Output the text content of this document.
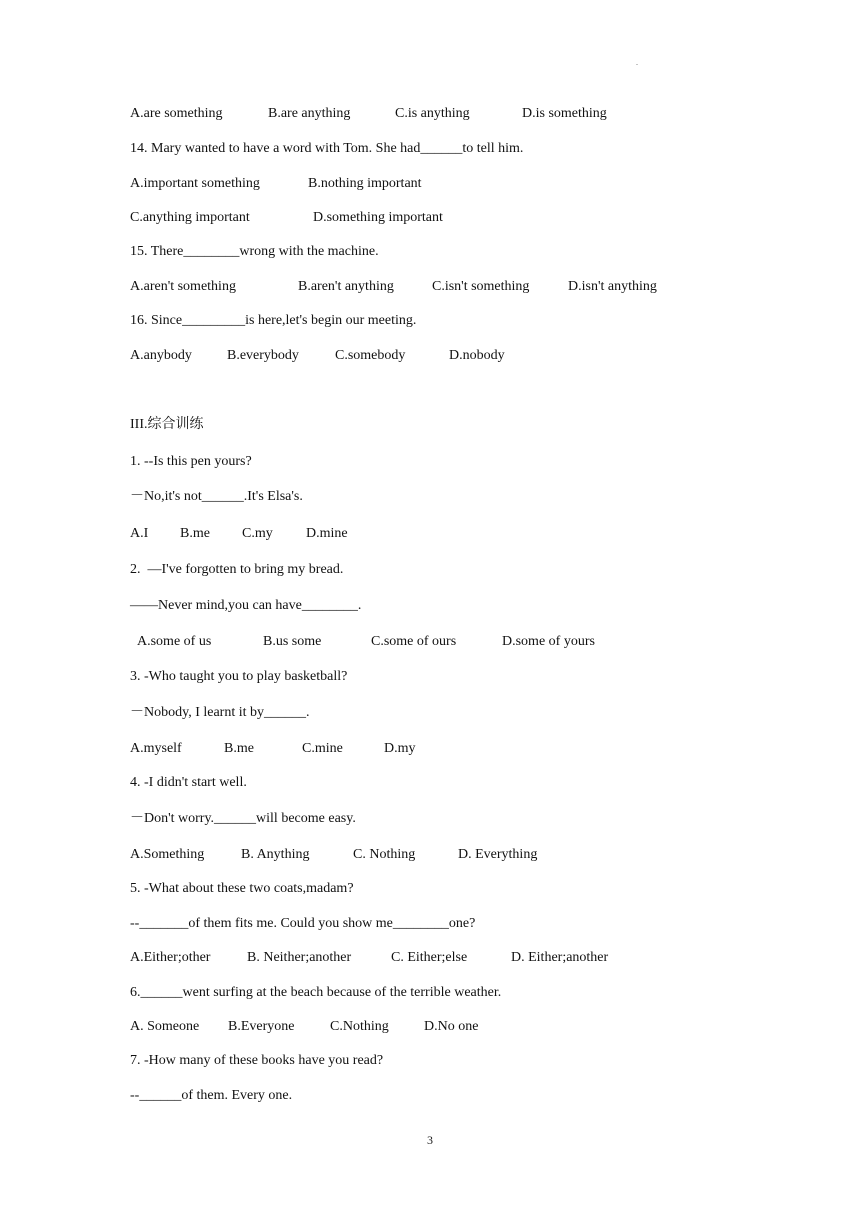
.
A.are something	B.are anything	C.is anything	D.is something
14. Mary wanted to have a word with Tom. She had______to tell him.
A.important something	B.nothing important
C.anything important	D.something important
15. There________wrong with the machine.
A.aren't something	B.aren't anything	C.isn't something	D.isn't anything
16. Since_________is here,let's begin our meeting.
A.anybody	B.everybody	C.somebody	D.nobody
III.综合训练
1. --Is this pen yours?
－No,it's not______.It's Elsa's.
A.I B.me C.my D.mine
2.  —I've forgotten to bring my bread.
——Never mind,you can have________.
A.some of us	B.us some	C.some of ours	D.some of yours
3. -Who taught you to play basketball?
－Nobody, I learnt it by______.
A.myself	B.me	C.mine	D.my
4. -I didn't start well.
－Don't worry.______will become easy.
A.Something	B. Anything	C. Nothing	D. Everything
5. -What about these two coats,madam?
--_______of them fits me. Could you show me________one?
A.Either;other	B. Neither;another	C. Either;else	D. Either;another
6.______went surfing at the beach because of the terrible weather.
A. Someone B.Everyone	C.Nothing	D.No one
7. -How many of these books have you read?
--______of them. Every one.
3
